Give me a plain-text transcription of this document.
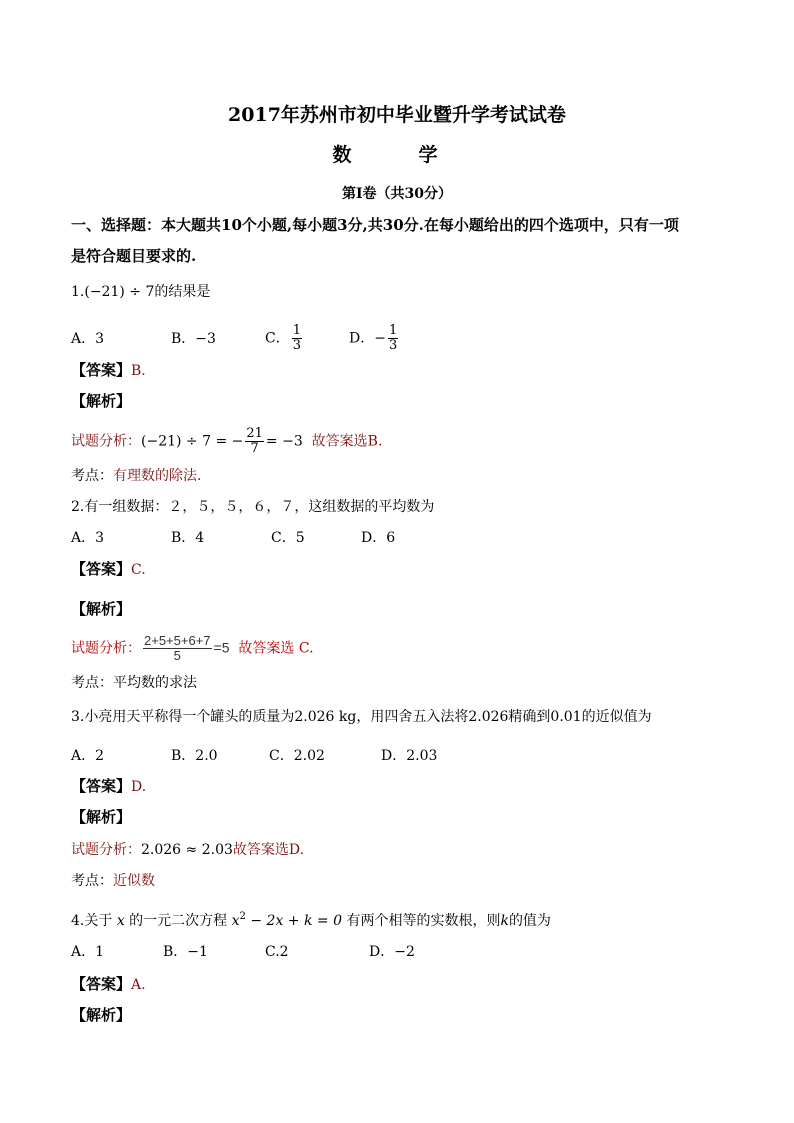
2017年苏州市初中毕业暨升学考试试卷
数　学
第Ⅰ卷（共30分）
一、选择题：本大题共10个小题,每小题3分,共30分.在每小题给出的四个选项中，只有一项
是符合题目要求的.
1.(−21) ÷ 7的结果是
A．3	B．−3	C． $\frac{1}{3}$	D．− $\frac{1}{3}$
【答案】B.
【解析】
试题分析：(−21) ÷ 7 = − $\frac{21}{7} = -3$ 故答案选B.
考点：有理数的除法.
2.有一组数据：２，５，５，６，７，这组数据的平均数为
A．3	B．4	C．5	D．6
【答案】C.
【解析】
试题分析： $\frac{2+5+5+6+7}{5} =5$ 故答案选 C.
考点：平均数的求法
3.小亮用天平称得一个罐头的质量为2.026 kg，用四舍五入法将2.026精确到0.01的近似值为
A．2	B．2.0	C．2.02	D．2.03
【答案】D.
【解析】
试题分析：2.026 ≈ 2.03故答案选D.
考点：近似数
4.关于 x 的一元二次方程 $x^2 - 2x + k = 0$ 有两个相等的实数根，则k的值为
A．1	B．−1	C.2	D．−2
【答案】A.
【解析】
